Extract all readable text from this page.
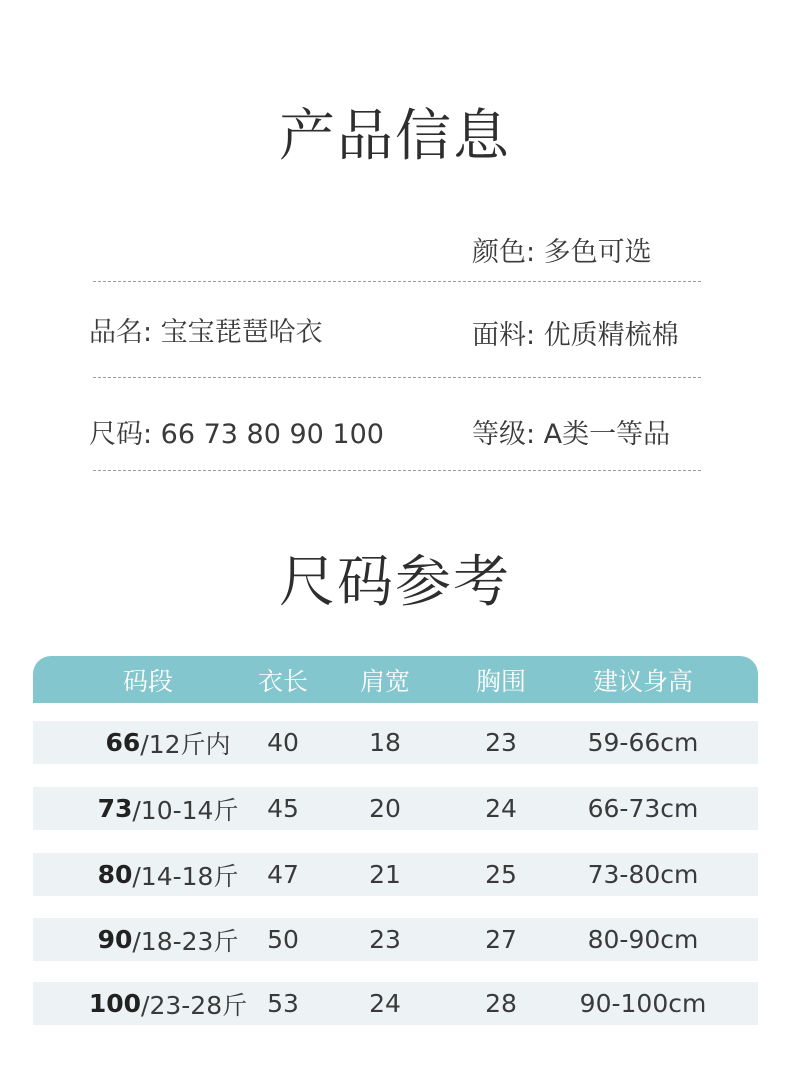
产品信息
颜色: 多色可选
品名: 宝宝琵琶哈衣	面料: 优质精梳棉
尺码: 66 73 80 90 100	等级: A类一等品
尺码参考
码段	衣长	肩宽	胸围	建议身高
66 /12斤内	40	18	23	59-66cm
73 /10-14斤	45	20	24	66-73cm
80 /14-18斤	47	21	25	73-80cm
90 /18-23斤	50	23	27	80-90cm
100 /23-28斤 53	24	28	90-100cm
